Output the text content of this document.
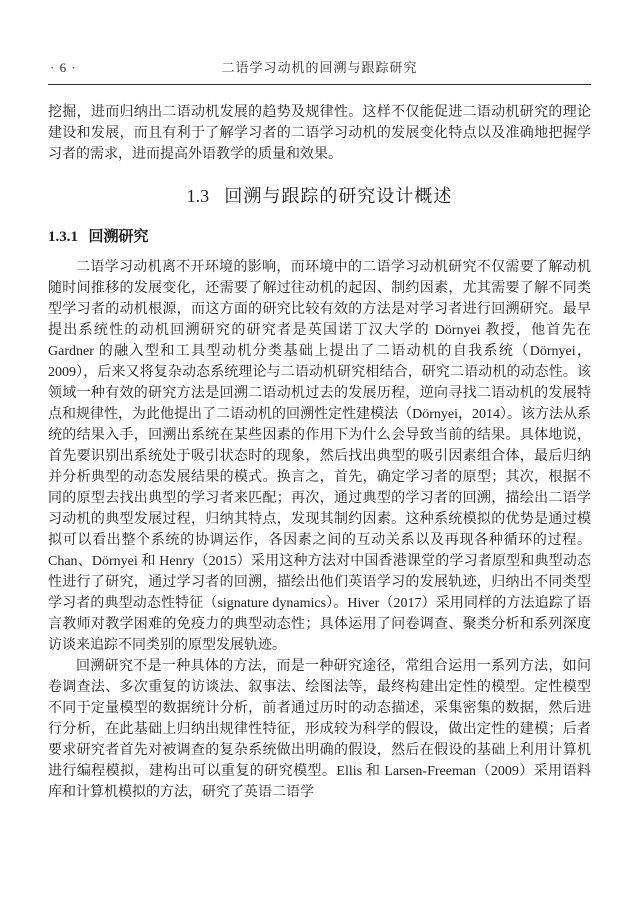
· 6 ·	二语学习动机的回溯与跟踪研究

挖掘，进而归纳出二语动机发展的趋势及规律性。这样不仅能促进二语动机研究的理论建设和发展，而且有利于了解学习者的二语学习动机的发展变化特点以及准确地把握学习者的需求，进而提高外语教学的质量和效果。

1.3 回溯与跟踪的研究设计概述
1.3.1 回溯研究

二语学习动机离不开环境的影响，而环境中的二语学习动机研究不仅需要了解动机随时间推移的发展变化，还需要了解过往动机的起因、制约因素，尤其需要了解不同类型学习者的动机根源，而这方面的研究比较有效的方法是对学习者进行回溯研究。最早提出系统性的动机回溯研究的研究者是英国诺丁汉大学的 Dörnyei 教授，他首先在 Gardner 的融入型和工具型动机分类基础上提出了二语动机的自我系统（Dörnyei，2009），后来又将复杂动态系统理论与二语动机研究相结合，研究二语动机的动态性。该领域一种有效的研究方法是回溯二语动机过去的发展历程，逆向寻找二语动机的发展特点和规律性，为此他提出了二语动机的回溯性定性建模法（Dörnyei，2014）。该方法从系统的结果入手，回溯出系统在某些因素的作用下为什么会导致当前的结果。具体地说，首先要识别出系统处于吸引状态时的现象，然后找出典型的吸引因素组合体，最后归纳并分析典型的动态发展结果的模式。换言之，首先，确定学习者的原型；其次，根据不同的原型去找出典型的学习者来匹配；再次，通过典型的学习者的回溯，描绘出二语学习动机的典型发展过程，归纳其特点，发现其制约因素。这种系统模拟的优势是通过模拟可以看出整个系统的协调运作，各因素之间的互动关系以及再现各种循环的过程。Chan、Dörnyei 和 Henry（2015）采用这种方法对中国香港课堂的学习者原型和典型动态性进行了研究，通过学习者的回溯，描绘出他们英语学习的发展轨迹，归纳出不同类型学习者的典型动态性特征（signature dynamics）。Hiver（2017）采用同样的方法追踪了语言教师对教学困难的免疫力的典型动态性；具体运用了问卷调查、聚类分析和系列深度访谈来追踪不同类别的原型发展轨迹。

回溯研究不是一种具体的方法，而是一种研究途径，常组合运用一系列方法，如问卷调查法、多次重复的访谈法、叙事法、绘图法等，最终构建出定性的模型。定性模型不同于定量模型的数据统计分析，前者通过历时的动态描述，采集密集的数据，然后进行分析，在此基础上归纳出规律性特征，形成较为科学的假设，做出定性的建模；后者要求研究者首先对被调查的复杂系统做出明确的假设，然后在假设的基础上利用计算机进行编程模拟，建构出可以重复的研究模型。Ellis 和 Larsen-Freeman（2009）采用语料库和计算机模拟的方法，研究了英语二语学
